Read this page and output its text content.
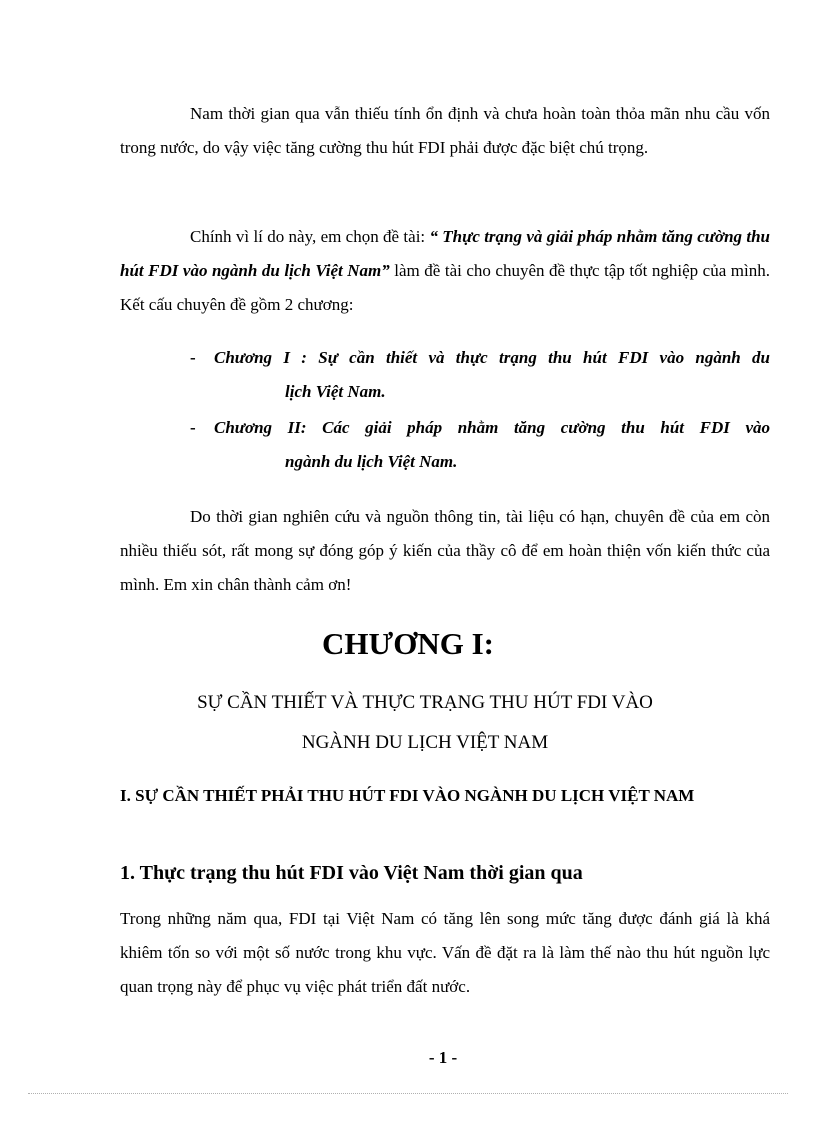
Nam thời gian qua vẫn thiếu tính ổn định và chưa hoàn toàn thỏa mãn nhu cầu vốn trong nước, do vậy việc tăng cường thu hút FDI phải được đặc biệt chú trọng.

Chính vì lí do này, em chọn đề tài: “ Thực trạng và giải pháp nhằm tăng cường thu hút FDI vào ngành du lịch Việt Nam” làm đề tài cho chuyên đề thực tập tốt nghiệp của mình. Kết cấu chuyên đề gồm 2 chương:

- Chương I : Sự cần thiết và thực trạng thu hút FDI vào ngành du
lịch Việt Nam.
- Chương II: Các giải pháp nhằm tăng cường thu hút FDI vào
ngành du lịch Việt Nam.

Do thời gian nghiên cứu và nguồn thông tin, tài liệu có hạn, chuyên đề của em còn nhiều thiếu sót, rất mong sự đóng góp ý kiến của thầy cô để em hoàn thiện vốn kiến thức của mình. Em xin chân thành cảm ơn!

CHƯƠNG I:
SỰ CẦN THIẾT VÀ THỰC TRẠNG THU HÚT FDI VÀO
NGÀNH DU LỊCH VIỆT NAM
I. SỰ CẦN THIẾT PHẢI THU HÚT FDI VÀO NGÀNH DU LỊCH VIỆT NAM
1. Thực trạng thu hút FDI vào Việt Nam thời gian qua

Trong những năm qua, FDI tại Việt Nam có tăng lên song mức tăng được đánh giá là khá khiêm tốn so với một số nước trong khu vực. Vấn đề đặt ra là làm thế nào thu hút nguồn lực quan trọng này để phục vụ việc phát triển đất nước.

- 1 -
